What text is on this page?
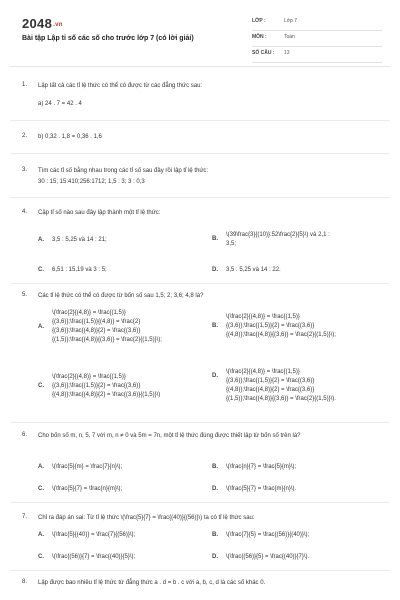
2048.vn
Bài tập Lập tỉ số các số cho trước lớp 7 (có lời giải)
LỚP :	Lớp 7
MÔN :	Toán
SỐ CÂU : 13
1. Lập tất cả các tỉ lệ thức có thể có được từ các đẳng thức sau:
a) 24 . 7 = 42 . 4
2. b) 0,32 . 1,8 = 0,36 . 1,6
3. Tìm các tỉ số bằng nhau trong các tỉ số sau đây rồi lập tỉ lệ thức:
30 : 15; 15:410;256:1712; 1,5 : 3; 3 : 0,3
4. Cặp tỉ số nào sau đây lập thành một tỉ lệ thức:
A. 3,5 : 5,25 và 14 : 21;	B.
\(39\frac{3}{(10)}:52\frac{2}{5}\) và 2,1 :
3,5;
C. 6,51 : 15,19 và 3 : 5;	D. 3,5 : 5,25 và 14 : 22.
5. Các tỉ lệ thức có thể có được từ bốn số sau 1,5; 2; 3,6; 4,8 là?
A.
\(\frac{2}{(4,8)} = \frac{(1,5)}
{(3,6)};\frac{(1,5)}{(4,8)} = \frac{2}
{(3,6)};\frac{(4,8)}{2} = \frac{(3,6)}
{(1,5)};\frac{(4,8)}{(3,6)} = \frac{2}{(1,5)}\);
B.
\(\frac{2}{(4,8)} = \frac{(1,5)}
{(3,6)};\frac{(1,5)}{2} = \frac{(3,6)}
{(4,8)};\frac{(4,8)}{(3,6)} = \frac{2}{(1,5)}\);
C.
\(\frac{2}{(4,8)} = \frac{(1,5)}
{(3,6)};\frac{(1,5)}{2} = \frac{(3,6)}
{(4,8)};\frac{(4,8)}{2} = \frac{(3,6)}{(1,5)}\)
D.
\(\frac{2}{(4,8)} = \frac{(1,5)}
{(3,6)};\frac{(1,5)}{2} = \frac{(3,6)}
{(4,8)};\frac{(4,8)}{2} = \frac{(3,6)}
{(1,5)};\frac{(4,8)}{(3,6)} = \frac{2}{(1,5)}\).
6. Cho bốn số m, n, 5, 7 với m, n ≠ 0 và 5m = 7n, một tỉ lệ thức đúng được thiết lập từ bốn số trên là?
A. \(\frac{5}{m} = \frac{7}{n}\);	B. \(\frac{n}{7} = \frac{5}{m}\);
C. \(\frac{5}{7} = \frac{n}{m}\);	D. \(\frac{5}{7} = \frac{m}{n}\).
7. Chỉ ra đáp án sai: Từ tỉ lệ thức \(\frac{5}{7} = \frac{(40)}{(56)}\) ta có tỉ lệ thức sau:
A. \(\frac{5}{(40)} = \frac{7}{(56)}\);	B. \(\frac{7}{5} = \frac{(56)}{(40)}\);
C. \(\frac{(56)}{7} = \frac{(40)}{5}\);	D. \(\frac{(56)}{5} = \frac{(40)}{7}\).
8. Lập được bao nhiêu tỉ lệ thức từ đẳng thức a . d = b . c với a, b, c, d là các số khác 0.
